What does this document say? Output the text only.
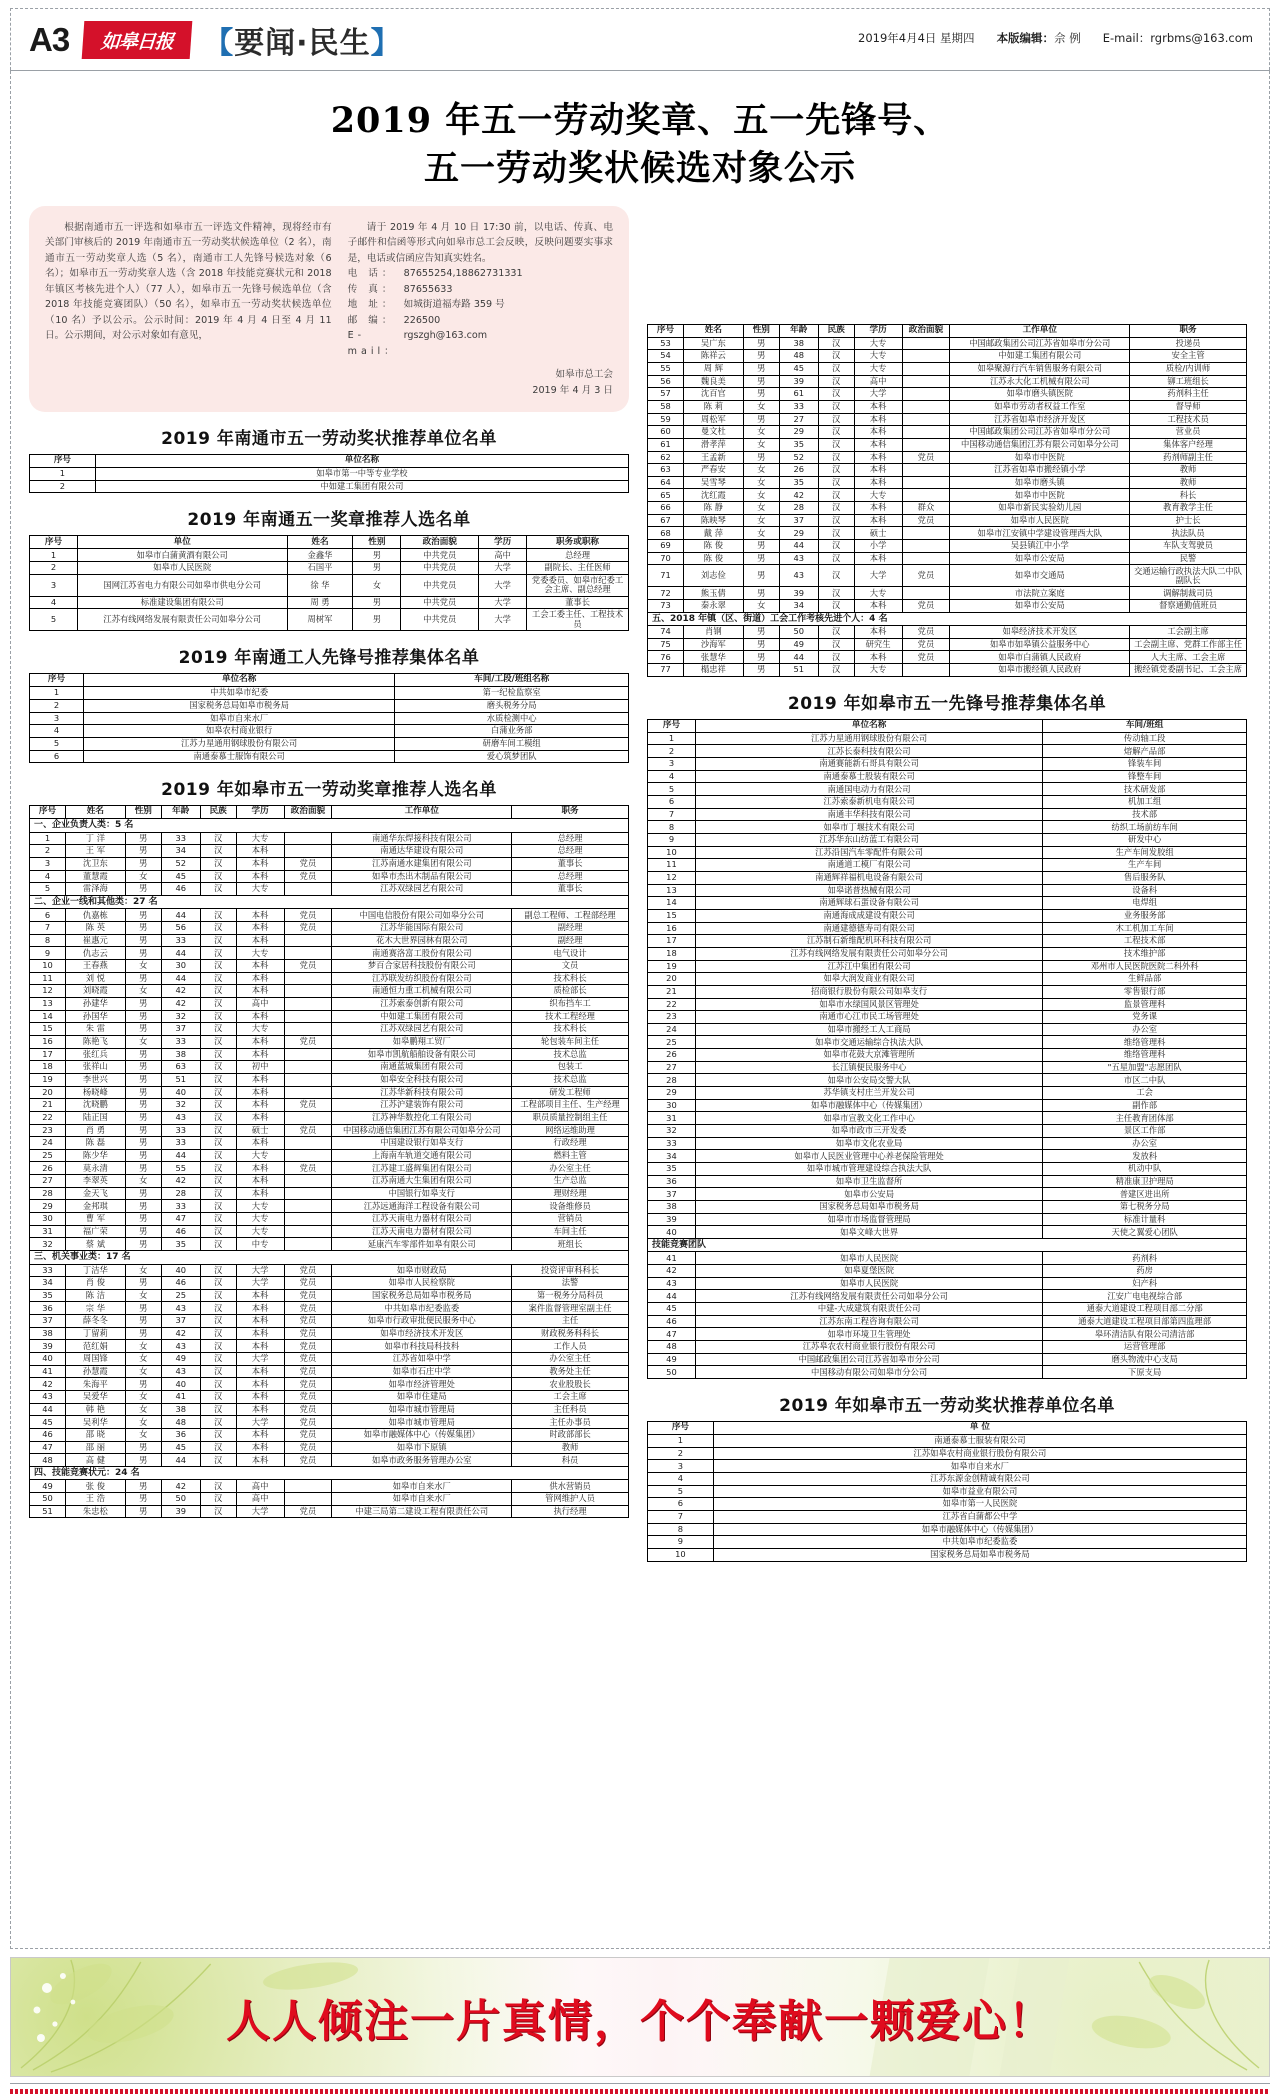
A3	如皋日报 【要闻·民生】	2019年4月4日 星期四 本版编辑：佘 例 E-mail：rgrbms@163.com
2019 年五一劳动奖章、五一先锋号、
五一劳动奖状候选对象公示

根据南通市五一评选和如皋市五一评选文件精神，现将经市有关部门审核后的 2019 年南通市五一劳动奖状候选单位（2 名），南通市五一劳动奖章人选（5 名），南通市工人先锋号候选对象（6 名）；如皋市五一劳动奖章人选（含 2018 年技能竞赛状元和 2018 年镇区考核先进个人）（77 人），如皋市五一先锋号候选单位（含 2018 年技能竞赛团队）（50 名），如皋市五一劳动奖状候选单位（10 名）予以公示。公示时间：2019 年 4 月 4 日至 4 月 11 日。公示期间，对公示对象如有意见，

请于 2019 年 4 月 10 日 17:30 前，以电话、传真、电子邮件和信函等形式向如皋市总工会反映，反映问题要实事求是，电话或信函应告知真实姓名。

电 话： 87655254,18862731331
传 真： 87655633
地 址： 如城街道福寿路 359 号
邮 编： 226500
E-mail：
rgszgh@163.com
如皋市总工会
2019 年 4 月 3 日
2019 年南通市五一劳动奖状推荐单位名单
序号	单位名称
1	如皋市第一中等专业学校
2	中如建工集团有限公司
2019 年南通五一奖章推荐人选名单
序号	单位	姓名	性别	政治面貌	学历	职务或职称
1	如皋市白蒲黄酒有限公司	金鑫华	男	中共党员	高中	总经理
2	如皋市人民医院	石国平	男	中共党员	大学	副院长、主任医师
3	国网江苏省电力有限公司如皋市供电分公司	徐 华	女	中共党员	大学	党委委员、如皋市纪委工会主席、副总经理
4	标准建设集团有限公司	周 勇	男	中共党员	大学	董事长
5	江苏有线网络发展有限责任公司如皋分公司	周树军	男	中共党员	大学	工会工委主任、工程技术员
2019 年南通工人先锋号推荐集体名单
序号	单位名称	车间/工段/班组名称
1	中共如皋市纪委	第一纪检监察室
2	国家税务总局如皋市税务局	磨头税务分局
3	如皋市自来水厂	水质检测中心
4	如皋农村商业银行	白蒲业务部
5	江苏力星通用钢球股份有限公司	研磨车间工模组
6	南通泰慕士服饰有限公司	爱心筑梦团队
2019 年如皋市五一劳动奖章推荐人选名单
序号	姓名	性别	年龄	民族	学历	政治面貌	工作单位	职务
一、企业负责人类：5 名								
1	丁 洋	男	33	汉	大专		南通华东焊接科技有限公司	总经理
2	王 军	男	34	汉	本科		南通达华建设有限公司	总经理
3	沈卫东	男	52	汉	本科	党员	江苏南通水建集团有限公司	董事长
4	董慧霞	女	45	汉	本科	党员	如皋市杰出木制品有限公司	总经理
5	雷泽海	男	46	汉	大专		江苏双绿园艺有限公司	董事长
二、企业一线和其他类：27 名								
6	仇嘉栋	男	44	汉	本科	党员	中国电信股份有限公司如皋分公司	副总工程师、工程部经理
7	陈 英	男	56	汉	本科	党员	江苏华能国际有限公司	副经理
8	崔惠元	男	33	汉	本科		花木大世界园林有限公司	副经理
9	仇志云	男	44	汉	大专		南通赛洛富工股份有限公司	电气设计
10	王春燕	女	30	汉	本科	党员	梦百合家居科技股份有限公司	文员
11	刘 悦	男	44	汉	本科		江苏联发纺织股份有限公司	技术科长
12	刘晓霞	女	42	汉	本科		南通恒力重工机械有限公司	质检部长
13	孙建华	男	42	汉	高中		江苏索泰创新有限公司	织布挡车工
14	孙国华	男	32	汉	本科		中如建工集团有限公司	技术工程经理
15	朱 雷	男	37	汉	大专		江苏双绿园艺有限公司	技术科长
16	陈艳飞	女	33	汉	本科	党员	如皋鹏翔工贸厂	轮包装车间主任
17	张红兵	男	38	汉	本科		如皋市凯航船舶设备有限公司	技术总监
18	张祥山	男	63	汉	初中		南通蓝城集团有限公司	包装工
19	李世兴	男	51	汉	本科		如皋安全科技有限公司	技术总监
20	杨晓峰	男	40	汉	本科		江苏华新科技有限公司	研发工程师
21	沈晓鹏	男	32	汉	本科	党员	江苏沪建装饰有限公司	工程部项目主任、生产经理
22	陆正国	男	43	汉	本科		江苏神华数控化工有限公司	职员质量控制组主任
23	肖 勇	男	33	汉	硕士	党员	中国移动通信集团江苏有限公司如皋分公司	网络运维助理
24	陈 磊	男	33	汉	本科		中国建设银行如皋支行	行政经理
25	陈少华	男	44	汉	大专		上海南车轨道交通有限公司	燃料主管
26	莫永清	男	55	汉	本科	党员	江苏建工盛辉集团有限公司	办公室主任
27	李翠英	女	42	汉	本科		江苏南通大生集团有限公司	生产总监
28	金天飞	男	28	汉	本科		中国银行如皋支行	理财经理
29	金邦琪	男	33	汉	大专		江苏远通海洋工程设备有限公司	设备维修员
30	曹 军	男	47	汉	大专		江苏天南电力器材有限公司	营销员
31	福广荣	男	46	汉	大专		江苏天南电力器材有限公司	车间主任
32	蔡 斌	男	35	汉	中专		延康汽车零部件如皋有限公司	班组长
三、机关事业类：17 名								
33	丁洁华	女	40	汉	大学	党员	如皋市财政局	投资评审科科长
34	肖 俊	男	46	汉	大学	党员	如皋市人民检察院	法警
35	陈 洁	女	25	汉	本科	党员	国家税务总局如皋市税务局	第一税务分局科员
36	宗 华	男	43	汉	本科	党员	中共如皋市纪委监委	案件监督管理室副主任
37	薛冬冬	男	37	汉	本科	党员	如皋市行政审批便民服务中心	主任
38	丁留莉	男	42	汉	本科	党员	如皋市经济技术开发区	财政税务科科长
39	范红娟	女	43	汉	本科	党员	如皋市科技局科技科	工作人员
40	周国锋	女	49	汉	大学	党员	江苏省如皋中学	办公室主任
41	孙慧霞	女	43	汉	本科	党员	如皋市石庄中学	教务处主任
42	朱海平	男	40	汉	本科	党员	如皋市经济管理处	农业股股长
43	吴爱华	女	41	汉	本科	党员	如皋市住建局	工会主席
44	韩 艳	女	38	汉	本科	党员	如皋市城市管理局	主任科员
45	吴利华	女	48	汉	大学	党员	如皋市城市管理局	主任办事员
46	邵 晓	女	36	汉	本科	党员	如皋市融媒体中心（传媒集团）	时政部部长
47	邵 丽	男	45	汉	本科	党员	如皋市下原镇	教师
48	高 健	男	44	汉	本科	党员	如皋市政务服务管理办公室	科员
四、技能竞赛状元：24 名								
49	张 俊	男	42	汉	高中		如皋市自来水厂	供水营销员
50	王 浩	男	50	汉	高中		如皋市自来水厂	管网维护人员
51	朱忠松	男	39	汉	大学	党员	中建三局第二建设工程有限责任公司	执行经理
序号	姓名	性别	年龄	民族	学历	政治面貌	工作单位	职务
53	吴广东	男	38	汉	大专		中国邮政集团公司江苏省如皋市分公司	投递员
54	陈祥云	男	48	汉	大专		中如建工集团有限公司	安全主管
55	周 辉	男	45	汉	大专		如皋聚源行汽车销售服务有限公司	质检/内训师
56	魏良美	男	39	汉	高中		江苏永大化工机械有限公司	铆工班组长
57	沈百官	男	61	汉	大学		如皋市磨头镇医院	药剂科主任
58	陈 莉	女	33	汉	本科		如皋市劳动者权益工作室	督导师
59	周松军	男	27	汉	本科		江苏省如皋市经济开发区	工程技术员
60	曼文杜	女	29	汉	本科		中国邮政集团公司江苏省如皋市分公司	营业员
61	滑孝萍	女	35	汉	本科		中国移动通信集团江苏有限公司如皋分公司	集体客户经理
62	王孟新	男	52	汉	本科	党员	如皋市中医院	药剂师副主任
63	严春安	女	26	汉	本科		江苏省如皋市搬经镇小学	教师
64	吴雪琴	女	35	汉	本科		如皋市磨头镇	教师
65	沈红霞	女	42	汉	大专		如皋市中医院	科长
66	陈 静	女	28	汉	本科	群众	如皋市新民实验幼儿园	教育教学主任
67	陈映琴	女	37	汉	本科	党员	如皋市人民医院	护士长
68	戴 萍	女	29	汉	硕士		如皋市江安镇中学建设管理西大队	执法队员
69	陈 俊	男	44	汉	小学		吴县镇江中小学	车队支驾驶员
70	陈 俊	男	43	汉	本科		如皋市公安局	民警
71	刘志俭	男	43	汉	大学	党员	如皋市交通局	交通运输行政执法大队二中队副队长
72	熊玉倩	男	39	汉	大专		市法院立案庭	调解制裁司员
73	秦永翠	女	34	汉	本科	党员	如皋市公安局	督察通勤值班员
五、2018 年镇（区、街道）工会工作考核先进个人：4 名								
74	肖钢	男	50	汉	本科	党员	如皋经济技术开发区	工会副主席
75	沙海军	男	49	汉	研究生	党员	如皋市如皋镇公益服务中心	工会副主席、党群工作部主任
76	张慧华	男	44	汉	本科	党员	如皋市白蒲镇人民政府	人大主席、工会主席
77	榻忠祥	男	51	汉	大专		如皋市搬经镇人民政府	搬经镇党委副书记、工会主席
2019 年如皋市五一先锋号推荐集体名单
序号	单位名称	车间/班组
1	江苏力星通用钢球股份有限公司	传动轴工段
2	江苏长泰科技有限公司	熔解产品部
3	南通赛能新石哥具有限公司	锋装车间
4	南通泰慕士股装有限公司	锋整车间
5	南通国电动力有限公司	技术研发部
6	江苏索泰新机电有限公司	机加工组
7	南通丰华科技有限公司	技术部
8	如皋市丁堰技术有限公司	纺织工场前纺车间
9	江苏华东山纺蓝工有限公司	研发中心
10	江苏沿国汽车零配件有限公司	生产车间发胶组
11	南通道工模厂有限公司	生产车间
12	南通辉祥福机电设备有限公司	售后服务队
13	如皋诺普热械有限公司	设备科
14	南通辉球石蛋设备有限公司	电焊组
15	南通海成成建设有限公司	业务服务部
16	南通建德德寿司有限公司	木工机加工车间
17	江苏制石新维配机环科技有限公司	工程技术部
18	江苏有线网络发展有限责任公司如皋分公司	技术维护部
19	江苏江中集团有限公司	邓州市人民医院医院二科外科
20	如皋大润发商业有限公司	生鲜品部
21	招商银行股份有限公司如皋支行	零售银行部
22	如皋市水绿国风景区管理处	监景管理科
23	南通市心江市民工场管理处	党务课
24	如皋市搬经工人工商局	办公室
25	如皋市交通运输综合执法大队	维络管理科
26	如皋市花鼓大京滩管理所	维络管理科
27	长江镇便民服务中心	"五星加盟"志愿团队
28	如皋市公安局交警大队	市区二中队
29	苏华镇支村庄兰开发公司	工会
30	如皋市融媒体中心（传媒集团）	副作部
31	如皋市宣教文化工作中心	主任教育团体部
32	如皋市政市三开发委	景区工作部
33	如皋市文化农业局	办公室
34	如皋市人民医业管理中心养老保险管理处	发放科
35	如皋市城市管理建设综合执法大队	机动中队
36	如皋市卫生监督所	精准康卫护理局
37	如皋市公安局	普建区进出所
38	国家税务总局如皋市税务局	第七税务分局
39	如皋市市场监督管理局	标准计量科
40	如皋文峰大世界	天使之翼爱心团队
技能竞赛团队		
41	如皋市人民医院	药剂科
42	如皋夏堡医院	药房
43	如皋市人民医院	妇产科
44	江苏有线网络发展有限责任公司如皋分公司	江安广电电视综合部
45	中建-大成建筑有限责任公司	通泰大道建设工程项目部二分部
46	江苏东南工程咨询有限公司	通泰大道建设工程项目部第四监理部
47	如皋市环境卫生管理处	皋环清洁队有限公司清洁部
48	江苏皋农农村商业银行股份有限公司	运营管理部
49	中国邮政集团公司江苏省如皋市分公司	磨头物流中心支局
50	中国移动有限公司如皋市分公司	下原支局
2019 年如皋市五一劳动奖状推荐单位名单
序号	单 位
1	南通泰慕士服装有限公司
2	江苏如皋农村商业银行股份有限公司
3	如皋市自来水厂
4	江苏东源金创精诚有限公司
5	如皋市益业有限公司
6	如皋市第一人民医院
7	江苏省白蒲都公中学
8	如皋市融媒体中心（传媒集团）
9	中共如皋市纪委监委
10	国家税务总局如皋市税务局
人人倾注一片真情，个个奉献一颗爱心！
